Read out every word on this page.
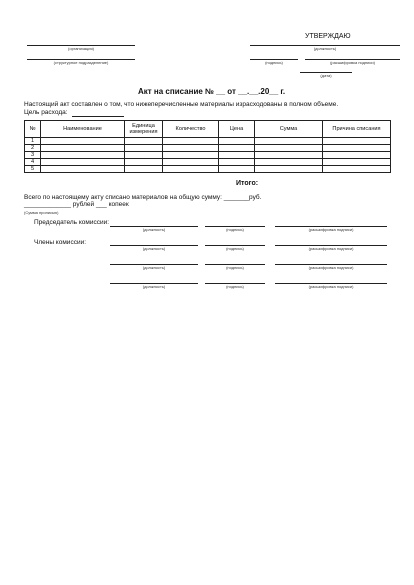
(организация)
(структурное подразделение)
УТВЕРЖДАЮ
(должность)
(подпись)	(расшифровка подписи)
(дата)
Акт на списание № __ от __.__.20__ г.
Настоящий акт составлен о том, что нижеперечисленные материалы израсходованы в полном объеме.
Цель расхода:
№	Наименование	Единица измерения	Количество	Цена	Сумма	Причина списания
1						
2						
3						
4						
5						
Итого:
Всего по настоящему акту списано материалов на общую сумму: _______руб.
_____________ рублей ___ копеек
(Сумма прописью)
Председатель комиссии:
(должность)	(подпись)	(расшифровка подписи)
Члены комиссии:
(должность)	(подпись)	(расшифровка подписи)
(должность)	(подпись)	(расшифровка подписи)
(должность)	(подпись)	(расшифровка подписи)
